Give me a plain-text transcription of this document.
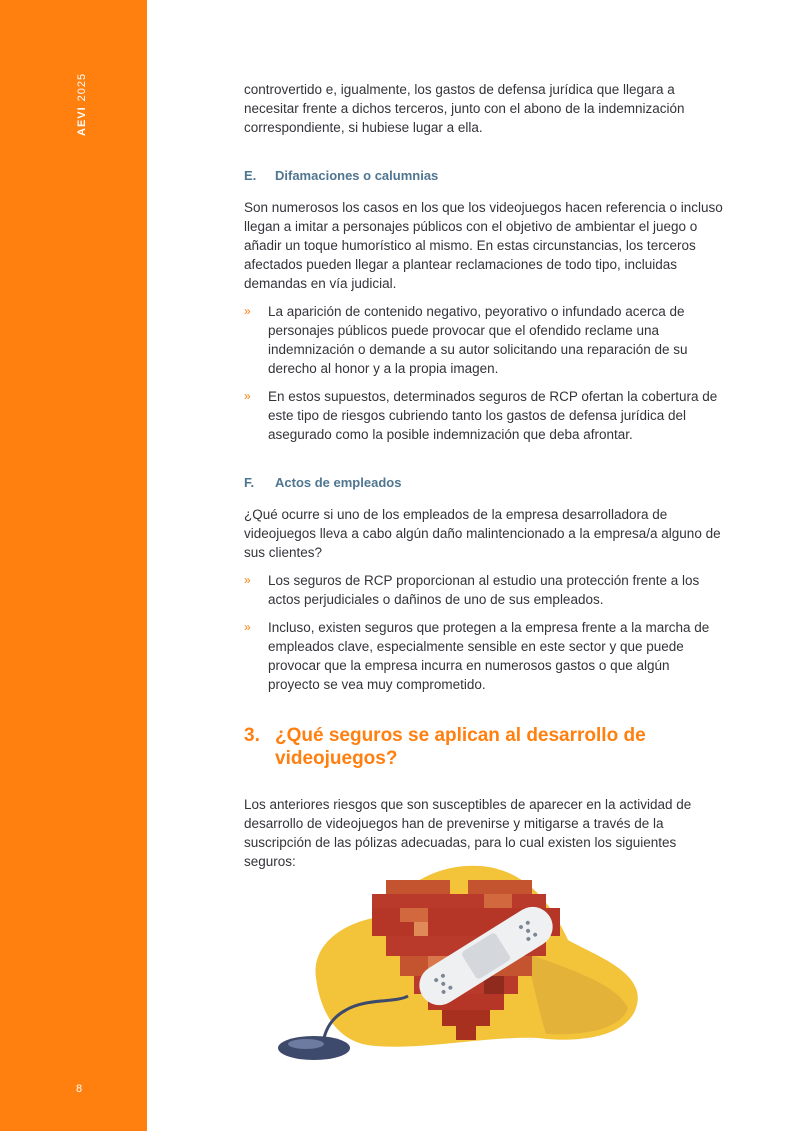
AEVI2025
8

controvertido e, igualmente, los gastos de defensa jurídica que llegara a necesitar frente a dichos terceros, junto con el abono de la indemnización correspondiente, si hubiese lugar a ella.

E.	Difamaciones o calumnias

Son numerosos los casos en los que los videojuegos hacen referencia o incluso llegan a imitar a personajes públicos con el objetivo de ambientar el juego o añadir un toque humorístico al mismo. En estas circunstancias, los terceros afectados pueden llegar a plantear reclamaciones de todo tipo, incluidas demandas en vía judicial.

» La aparición de contenido negativo, peyorativo o infundado acerca de personajes públicos puede provocar que el ofendido reclame una indemnización o demande a su autor solicitando una reparación de su derecho al honor y a la propia imagen.
» En estos supuestos, determinados seguros de RCP ofertan la cobertura de este tipo de riesgos cubriendo tanto los gastos de defensa jurídica del asegurado como la posible indemnización que deba afrontar.
F.	Actos de empleados

¿Qué ocurre si uno de los empleados de la empresa desarrolladora de videojuegos lleva a cabo algún daño malintencionado a la empresa/a alguno de sus clientes?

» Los seguros de RCP proporcionan al estudio una protección frente a los actos perjudiciales o dañinos de uno de sus empleados.
» Incluso, existen seguros que protegen a la empresa frente a la marcha de empleados clave, especialmente sensible en este sector y que puede provocar que la empresa incurra en numerosos gastos o que algún proyecto se vea muy comprometido.
3. ¿Qué seguros se aplican al desarrollo de videojuegos?

Los anteriores riesgos que son susceptibles de aparecer en la actividad de desarrollo de videojuegos han de prevenirse y mitigarse a través de la suscripción de las pólizas adecuadas, para lo cual existen los siguientes seguros:
